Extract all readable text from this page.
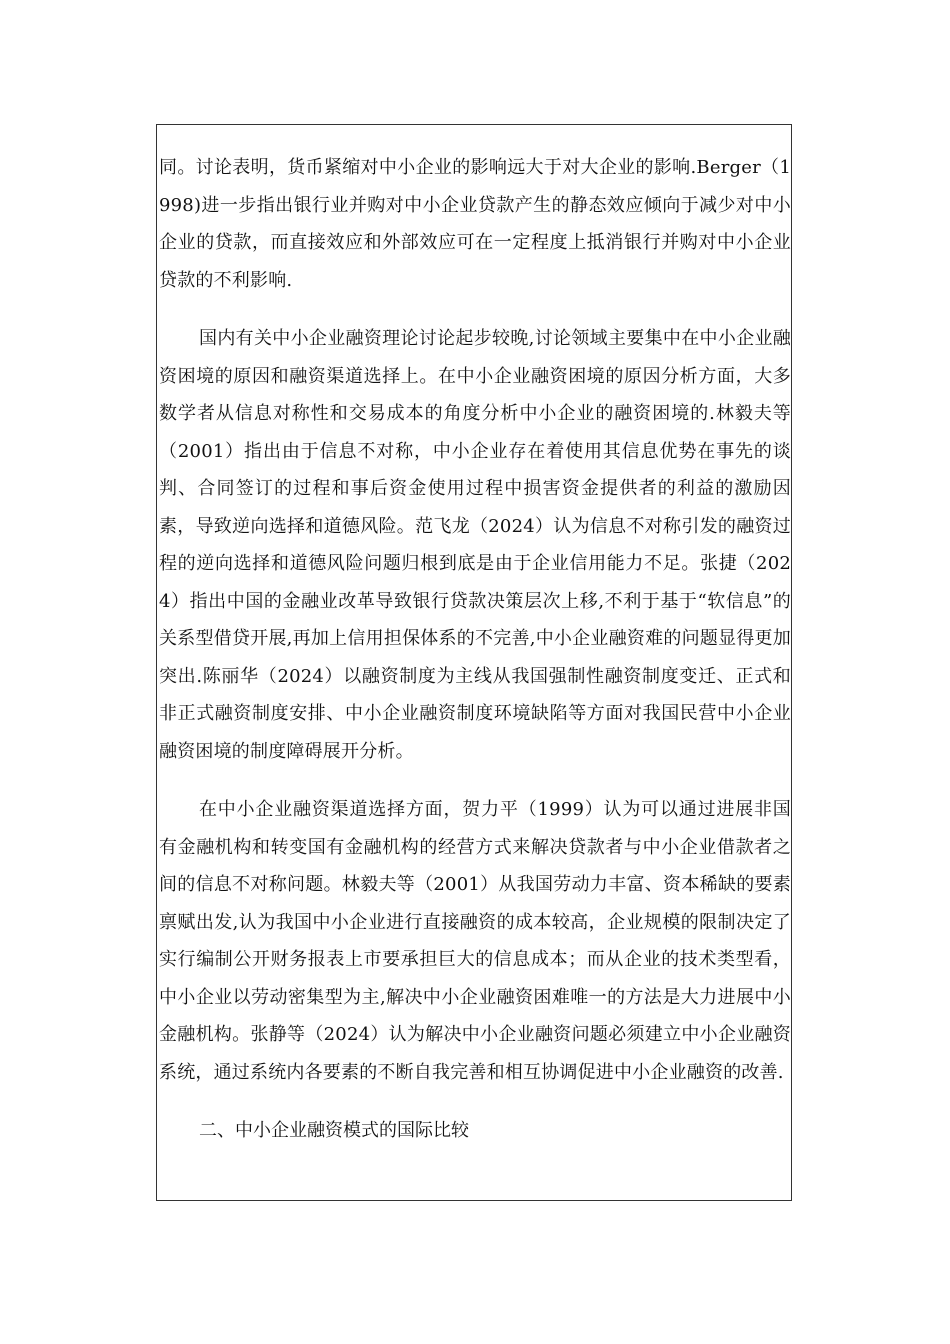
同。讨论表明，货币紧缩对中小企业的影响远大于对大企业的影响.Berger（1998)进一步指出银行业并购对中小企业贷款产生的静态效应倾向于减少对中小企业的贷款，而直接效应和外部效应可在一定程度上抵消银行并购对中小企业贷款的不利影响.

国内有关中小企业融资理论讨论起步较晚,讨论领域主要集中在中小企业融资困境的原因和融资渠道选择上。在中小企业融资困境的原因分析方面，大多数学者从信息对称性和交易成本的角度分析中小企业的融资困境的.林毅夫等（2001）指出由于信息不对称，中小企业存在着使用其信息优势在事先的谈判、合同签订的过程和事后资金使用过程中损害资金提供者的利益的激励因素，导致逆向选择和道德风险。范飞龙（2024）认为信息不对称引发的融资过程的逆向选择和道德风险问题归根到底是由于企业信用能力不足。张捷（2024）指出中国的金融业改革导致银行贷款决策层次上移,不利于基于“软信息”的关系型借贷开展,再加上信用担保体系的不完善,中小企业融资难的问题显得更加突出.陈丽华（2024）以融资制度为主线从我国强制性融资制度变迁、正式和非正式融资制度安排、中小企业融资制度环境缺陷等方面对我国民营中小企业融资困境的制度障碍展开分析。

在中小企业融资渠道选择方面，贺力平（1999）认为可以通过进展非国有金融机构和转变国有金融机构的经营方式来解决贷款者与中小企业借款者之间的信息不对称问题。林毅夫等（2001）从我国劳动力丰富、资本稀缺的要素禀赋出发,认为我国中小企业进行直接融资的成本较高，企业规模的限制决定了实行编制公开财务报表上市要承担巨大的信息成本；而从企业的技术类型看，中小企业以劳动密集型为主,解决中小企业融资困难唯一的方法是大力进展中小金融机构。张静等（2024）认为解决中小企业融资问题必须建立中小企业融资系统，通过系统内各要素的不断自我完善和相互协调促进中小企业融资的改善.

二、中小企业融资模式的国际比较
